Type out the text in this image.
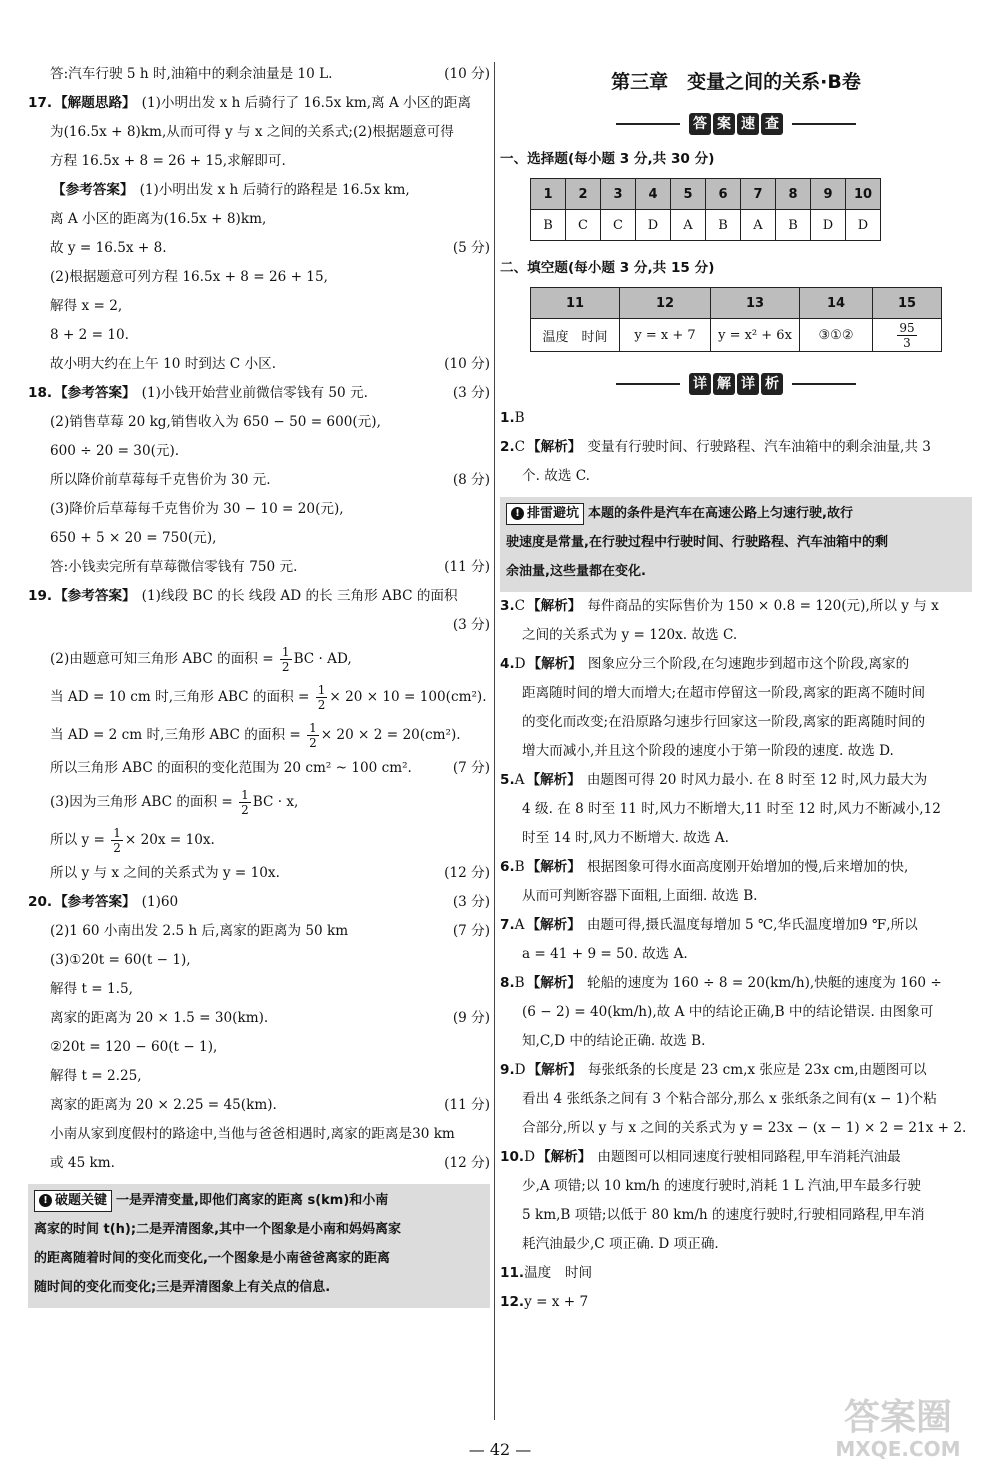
答:汽车行驶 5 h 时,油箱中的剩余油量是 10 L.	(10 分)
17. 【解题思路】 (1)小明出发 x h 后骑行了 16.5x km,离 A 小区的距离
为(16.5x + 8)km,从而可得 y 与 x 之间的关系式;(2)根据题意可得
方程 16.5x + 8 = 26 + 15,求解即可.
【参考答案】 (1)小明出发 x h 后骑行的路程是 16.5x km,
离 A 小区的距离为(16.5x + 8)km,
故 y = 16.5x + 8.	(5 分)
(2)根据题意可列方程 16.5x + 8 = 26 + 15,
解得 x = 2,
8 + 2 = 10.
故小明大约在上午 10 时到达 C 小区.	(10 分)
18. 【参考答案】 (1)小钱开始营业前微信零钱有 50 元.	(3 分)
(2)销售草莓 20 kg,销售收入为 650 − 50 = 600(元),
600 ÷ 20 = 30(元).
所以降价前草莓每千克售价为 30 元.	(8 分)
(3)降价后草莓每千克售价为 30 − 10 = 20(元),
650 + 5 × 20 = 750(元),
答:小钱卖完所有草莓微信零钱有 750 元.	(11 分)
19. 【参考答案】 (1)线段 BC 的长 线段 AD 的长 三角形 ABC 的面积
(3 分)
(2)由题意可知三角形 ABC 的面积 = $\frac{1}{2}$ BC · AD,
当 AD = 10 cm 时,三角形 ABC 的面积 = $\frac{1}{2} \times 20 \times 10 = 100(cm^2)$.
当 AD = 2 cm 时,三角形 ABC 的面积 = $\frac{1}{2} \times 20 \times 2 = 20(cm^2)$.
所以三角形 ABC 的面积的变化范围为 20 cm² ~ 100 cm².	(7 分)
(3)因为三角形 ABC 的面积 = $\frac{1}{2}$ BC · x,
所以 $y = \frac{1}{2} \times 20x = 10x$.
所以 y 与 x 之间的关系式为 y = 10x.	(12 分)
20. 【参考答案】 (1)60	(3 分)
(2)1 60 小南出发 2.5 h 后,离家的距离为 50 km	(7 分)
(3)①20t = 60(t − 1),
解得 t = 1.5,
离家的距离为 20 × 1.5 = 30(km).	(9 分)
②20t = 120 − 60(t − 1),
解得 t = 2.25,
离家的距离为 20 × 2.25 = 45(km).	(11 分)
小南从家到度假村的路途中,当他与爸爸相遇时,离家的距离是30 km
或 45 km.	(12 分)
! 破题关键 一是弄清变量,即他们离家的距离 s(km)和小南
离家的时间 t(h);二是弄清图象,其中一个图象是小南和妈妈离家
的距离随着时间的变化而变化,一个图象是小南爸爸离家的距离
随时间的变化而变化;三是弄清图象上有关点的信息.
第三章　变量之间的关系·B卷
答 案 速 查
一、选择题(每小题 3 分,共 30 分)
1	2	3	4	5	6	7	8	9	10
B	C	C	D	A	B	A	B	D	D
二、填空题(每小题 3 分,共 15 分)
11	12	13	14	15
温度　时间	y = x + 7	y = x² + 6x	③①②	$\frac{95}{3}$
详 解 详 析
1.B
2.C 【解析】 变量有行驶时间、行驶路程、汽车油箱中的剩余油量,共 3
个. 故选 C.
! 排雷避坑 本题的条件是汽车在高速公路上匀速行驶,故行
驶速度是常量,在行驶过程中行驶时间、行驶路程、汽车油箱中的剩
余油量,这些量都在变化.
3.C 【解析】 每件商品的实际售价为 150 × 0.8 = 120(元),所以 y 与 x
之间的关系式为 y = 120x. 故选 C.
4.D 【解析】 图象应分三个阶段,在匀速跑步到超市这个阶段,离家的
距离随时间的增大而增大;在超市停留这一阶段,离家的距离不随时间
的变化而改变;在沿原路匀速步行回家这一阶段,离家的距离随时间的
增大而减小,并且这个阶段的速度小于第一阶段的速度. 故选 D.
5.A 【解析】 由题图可得 20 时风力最小. 在 8 时至 12 时,风力最大为
4 级. 在 8 时至 11 时,风力不断增大,11 时至 12 时,风力不断减小,12
时至 14 时,风力不断增大. 故选 A.
6.B 【解析】 根据图象可得水面高度刚开始增加的慢,后来增加的快,
从而可判断容器下面粗,上面细. 故选 B.
7.A 【解析】 由题可得,摄氏温度每增加 5 ℃,华氏温度增加9 ℉,所以
a = 41 + 9 = 50. 故选 A.
8.B 【解析】 轮船的速度为 160 ÷ 8 = 20(km/h),快艇的速度为 160 ÷
(6 − 2) = 40(km/h),故 A 中的结论正确,B 中的结论错误. 由图象可
知,C,D 中的结论正确. 故选 B.
9.D 【解析】 每张纸条的长度是 23 cm,x 张应是 23x cm,由题图可以
看出 4 张纸条之间有 3 个粘合部分,那么 x 张纸条之间有(x − 1)个粘
合部分,所以 y 与 x 之间的关系式为 y = 23x − (x − 1) × 2 = 21x + 2.
10.D 【解析】 由题图可以相同速度行驶相同路程,甲车消耗汽油最
少,A 项错;以 10 km/h 的速度行驶时,消耗 1 L 汽油,甲车最多行驶
5 km,B 项错;以低于 80 km/h 的速度行驶时,行驶相同路程,甲车消
耗汽油最少,C 项正确. D 项正确.
11.温度　时间
12.y = x + 7
— 42 —
答案圈
MXQE.COM
